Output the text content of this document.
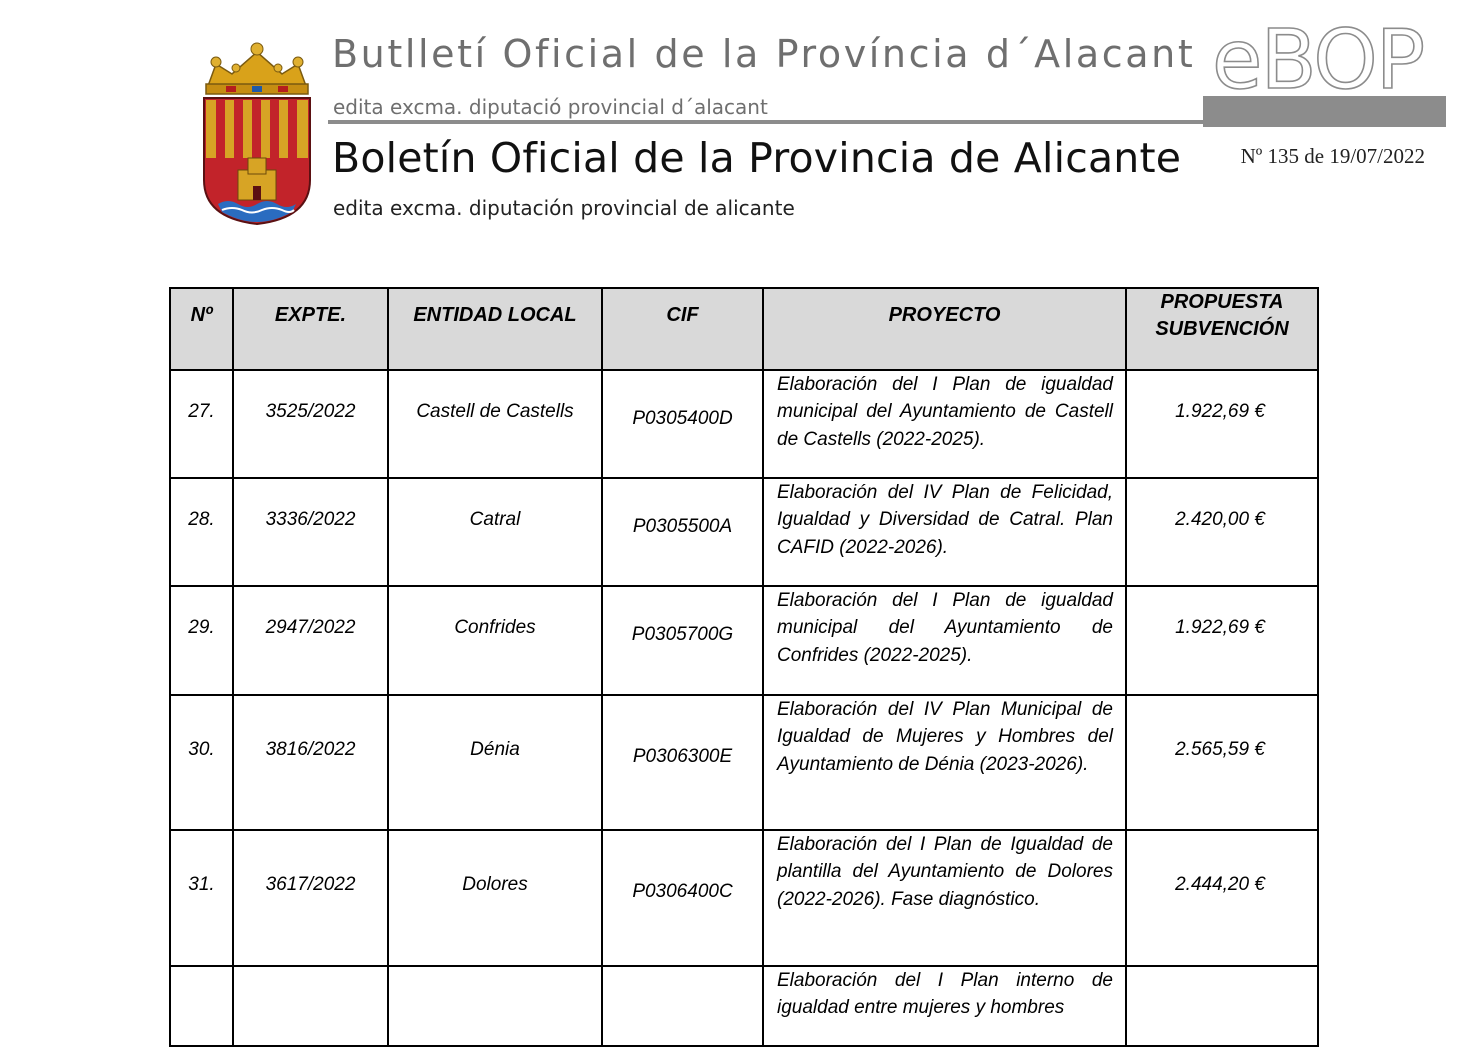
Butlletí Oficial de la Província d´Alacant
edita excma. diputació provincial d´alacant	eBOP
Boletín Oficial de la Provincia de Alicante
edita excma. diputación provincial de alicante
Nº 135 de 19/07/2022
Nº	EXPTE.	ENTIDAD LOCAL	CIF	PROYECTO	PROPUESTA
SUBVENCIÓN

27.	3525/2022	Castell de Castells	P0305400D	Elaboración del I Plan de igualdad municipal del Ayuntamiento de Castell de Castells (2022-2025).	1.922,69 €
28.	3336/2022	Catral	P0305500A	Elaboración del IV Plan de Felicidad, Igualdad y Diversidad de Catral. Plan CAFID (2022-2026).	2.420,00 €
29.	2947/2022	Confrides	P0305700G	Elaboración del I Plan de igualdad municipal del Ayuntamiento de Confrides (2022-2025).	1.922,69 €
30.	3816/2022	Dénia	P0306300E	Elaboración del IV Plan Municipal de Igualdad de Mujeres y Hombres del Ayuntamiento de Dénia (2023-2026).	2.565,59 €
31.	3617/2022	Dolores	P0306400C	Elaboración del I Plan de Igualdad de plantilla del Ayuntamiento de Dolores (2022-2026). Fase diagnóstico.	2.444,20 €
				Elaboración del I Plan interno de igualdad entre mujeres y hombres	
